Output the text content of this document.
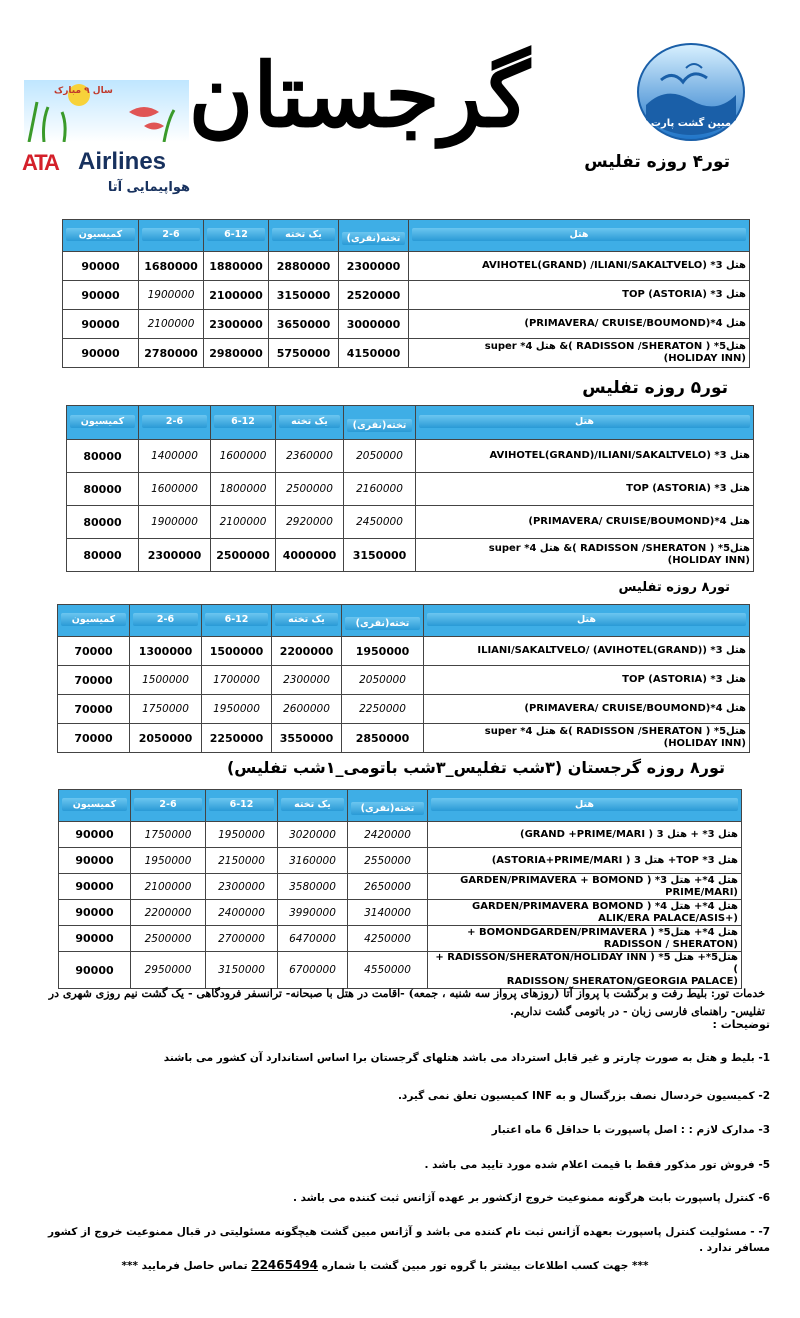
گرجستان	مبین گشت پارت
تور۴ روزه تفلیس
سال ۹ مبارک
ATA Airlines
هواپیمایی آتا
کمیسیون	2-6	6-12	یک تخته	تخته(نفری)	هتل

90000	1680000	1880000	2880000	2300000	هتل 3* (AVIHOTEL(GRAND) /ILIANI/SAKALTVELO
90000	1900000	2100000	3150000	2520000	هتل 3* (TOP (ASTORIA
90000	2100000	2300000	3650000	3000000	هتل 4*(PRIMAVERA/ CRUISE/BOUMOND)
90000	2780000	2980000	5750000	4150000	هتل5* ( RADISSON /SHERATON )& هتل 4* super
(HOLIDAY INN)
تور۵ روزه تفلیس
کمیسیون	2-6	6-12	یک تخته	تخته(نفری)	هتل

80000	1400000	1600000	2360000	2050000	هتل 3* (AVIHOTEL(GRAND)/ILIANI/SAKALTVELO
80000	1600000	1800000	2500000	2160000	هتل 3* (TOP (ASTORIA
80000	1900000	2100000	2920000	2450000	هتل 4*(PRIMAVERA/ CRUISE/BOUMOND)
80000	2300000	2500000	4000000	3150000	هتل5* ( RADISSON /SHERATON )& هتل 4* super
(HOLIDAY INN)
تور۸ روزه تفلیس
کمیسیون	2-6	6-12	یک تخته	تخته(نفری)	هتل

70000	1300000	1500000	2200000	1950000	هتل 3* (AVIHOTEL(GRAND)) /ILIANI/SAKALTVELO
70000	1500000	1700000	2300000	2050000	هتل 3* (TOP (ASTORIA
70000	1750000	1950000	2600000	2250000	هتل 4*(PRIMAVERA/ CRUISE/BOUMOND)
70000	2050000	2250000	3550000	2850000	هتل5* ( RADISSON /SHERATON )& هتل 4* super
(HOLIDAY INN)
تور۸ روزه گرجستان (۳شب تفلیس_۳شب باتومی_۱شب تفلیس)
کمیسیون	2-6	6-12	یک تخته	تخته(نفری)	هتل

90000	1750000	1950000	3020000	2420000	هتل 3* + هتل 3 ( GRAND +PRIME/MARI)
90000	1950000	2150000	3160000	2550000	هتل 3* TOP+ هتل 3 ( ASTORIA+PRIME/MARI)
90000	2100000	2300000	3580000	2650000	هتل 4*+ هتل 3* ( GARDEN/PRIMAVERA + BOMOND
(PRIME/MARI
90000	2200000	2400000	3990000	3140000	هتل 4*+ هتل 4* ( GARDEN/PRIMAVERA BOMOND
(+ALIK/ERA PALACE/ASIS
90000	2500000	2700000	6470000	4250000	هتل 4*+ هتل5* ( BOMONDGARDEN/PRIMAVERA +
(RADISSON / SHERATON
90000	2950000	3150000	6700000	4550000	هتل5*+ هتل 5* ( RADISSON/SHERATON/HOLIDAY INN + )
(RADISSON/ SHERATON/GEORGIA PALACE
خدمات تور: بلیط رفت و برگشت با پرواز آتا (روزهای پرواز سه شنبه ، جمعه) -اقامت در هتل با صبحانه- ترانسفر فرودگاهی - یک گشت نیم روزی شهری در تفلیس- راهنمای فارسی زبان - در باتومی گشت نداریم.
توضیحات :
1- بلیط و هتل به صورت چارتر و غیر قابل استرداد می باشد هتلهای گرجستان برا اساس استاندارد آن کشور می باشند
2- کمیسیون خردسال نصف بزرگسال و به INF کمیسیون تعلق نمی گیرد.
3- مدارک لازم : : اصل پاسپورت با حداقل 6 ماه اعتبار
5- فروش تور مذکور فقط با قیمت اعلام شده مورد تایید می باشد .
6- کنترل پاسپورت بابت هرگونه ممنوعیت خروج ازکشور بر عهده آژانس ثبت کننده می باشد .
7- - مسئولیت کنترل پاسپورت بعهده آژانس ثبت نام کننده می باشد و آژانس مبین گشت هیچگونه مسئولیتی در قبال ممنوعیت خروج از کشور مسافر ندارد .
*** جهت کسب اطلاعات بیشتر با گروه تور مبین گشت با شماره 22465494 تماس حاصل فرمایید ***
